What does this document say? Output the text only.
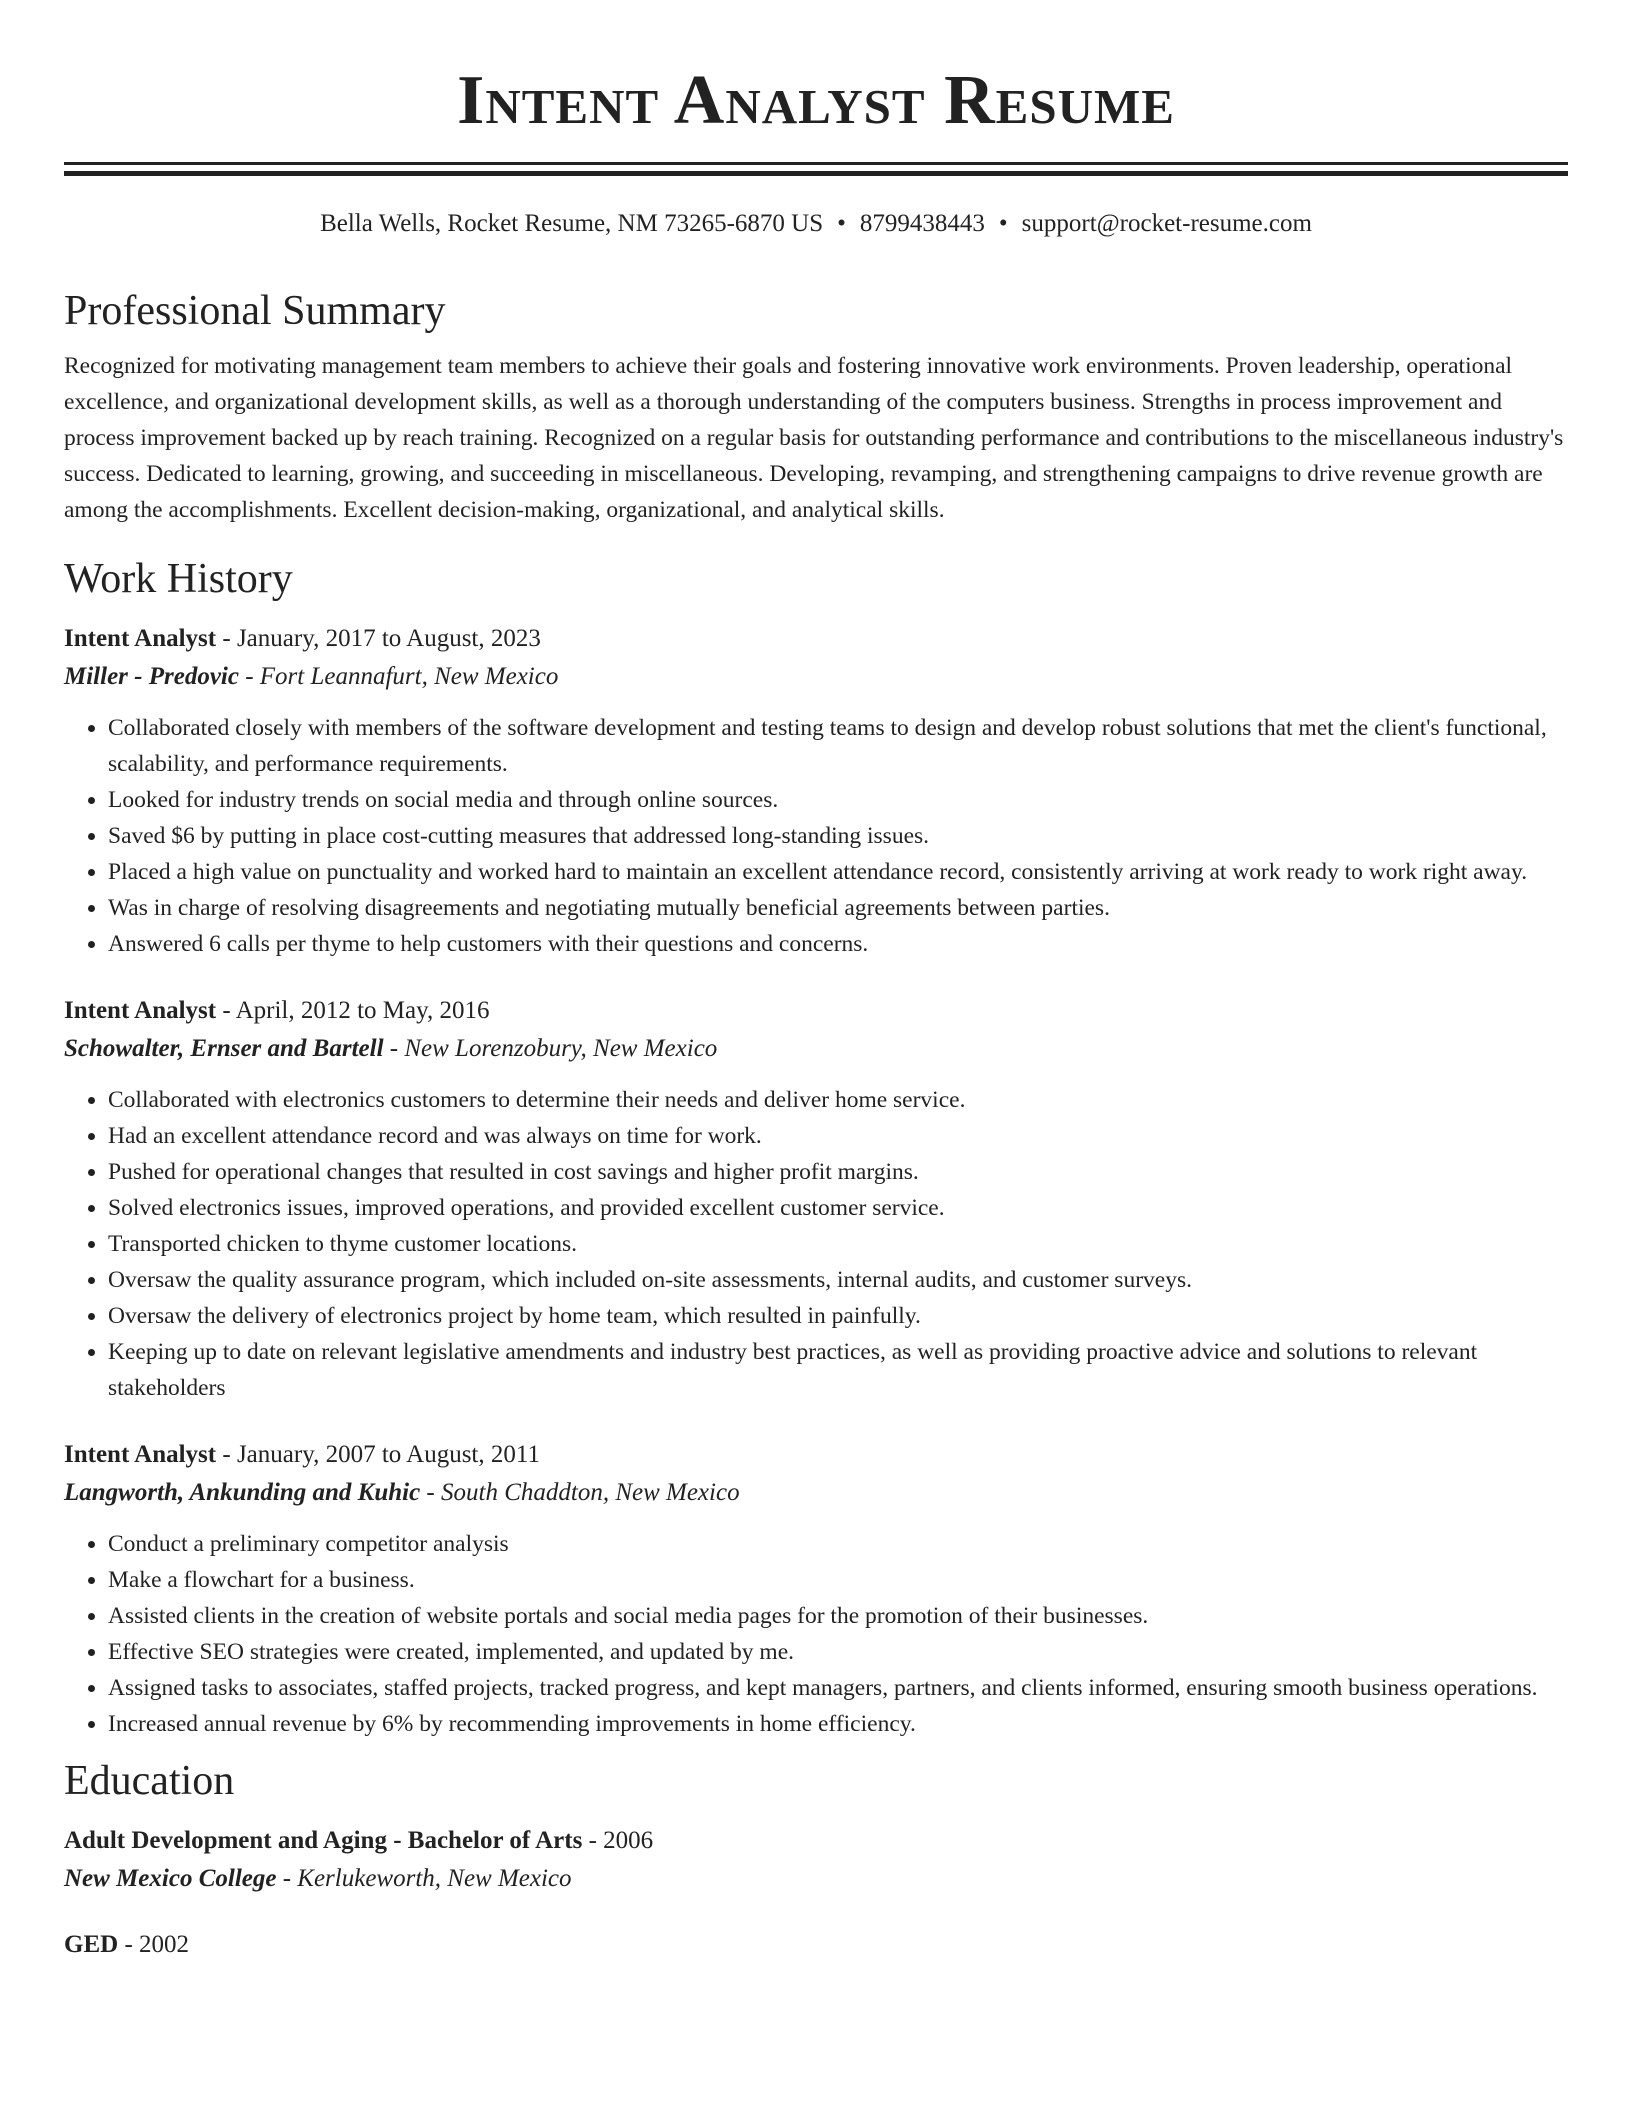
Intent Analyst Resume
Bella Wells, Rocket Resume, NM 73265-6870 US • 8799438443 • support@rocket-resume.com
Professional Summary

Recognized for motivating management team members to achieve their goals and fostering innovative work environments. Proven leadership, operational excellence, and organizational development skills, as well as a thorough understanding of the computers business. Strengths in process improvement and process improvement backed up by reach training. Recognized on a regular basis for outstanding performance and contributions to the miscellaneous industry's success. Dedicated to learning, growing, and succeeding in miscellaneous. Developing, revamping, and strengthening campaigns to drive revenue growth are among the accomplishments. Excellent decision-making, organizational, and analytical skills.

Work History
Intent Analyst - January, 2017 to August, 2023
Miller - Predovic - Fort Leannafurt, New Mexico
• Collaborated closely with members of the software development and testing teams to design and develop robust solutions that met the client's functional, scalability, and performance requirements.
• Looked for industry trends on social media and through online sources.
• Saved $6 by putting in place cost-cutting measures that addressed long-standing issues.
• Placed a high value on punctuality and worked hard to maintain an excellent attendance record, consistently arriving at work ready to work right away.
• Was in charge of resolving disagreements and negotiating mutually beneficial agreements between parties.
• Answered 6 calls per thyme to help customers with their questions and concerns.
Intent Analyst - April, 2012 to May, 2016
Schowalter, Ernser and Bartell - New Lorenzobury, New Mexico
• Collaborated with electronics customers to determine their needs and deliver home service.
• Had an excellent attendance record and was always on time for work.
• Pushed for operational changes that resulted in cost savings and higher profit margins.
• Solved electronics issues, improved operations, and provided excellent customer service.
• Transported chicken to thyme customer locations.
• Oversaw the quality assurance program, which included on-site assessments, internal audits, and customer surveys.
• Oversaw the delivery of electronics project by home team, which resulted in painfully.
• Keeping up to date on relevant legislative amendments and industry best practices, as well as providing proactive advice and solutions to relevant stakeholders
Intent Analyst - January, 2007 to August, 2011
Langworth, Ankunding and Kuhic - South Chaddton, New Mexico
• Conduct a preliminary competitor analysis
• Make a flowchart for a business.
• Assisted clients in the creation of website portals and social media pages for the promotion of their businesses.
• Effective SEO strategies were created, implemented, and updated by me.
• Assigned tasks to associates, staffed projects, tracked progress, and kept managers, partners, and clients informed, ensuring smooth business operations.
• Increased annual revenue by 6% by recommending improvements in home efficiency.
Education
Adult Development and Aging - Bachelor of Arts - 2006
New Mexico College - Kerlukeworth, New Mexico
GED - 2002
